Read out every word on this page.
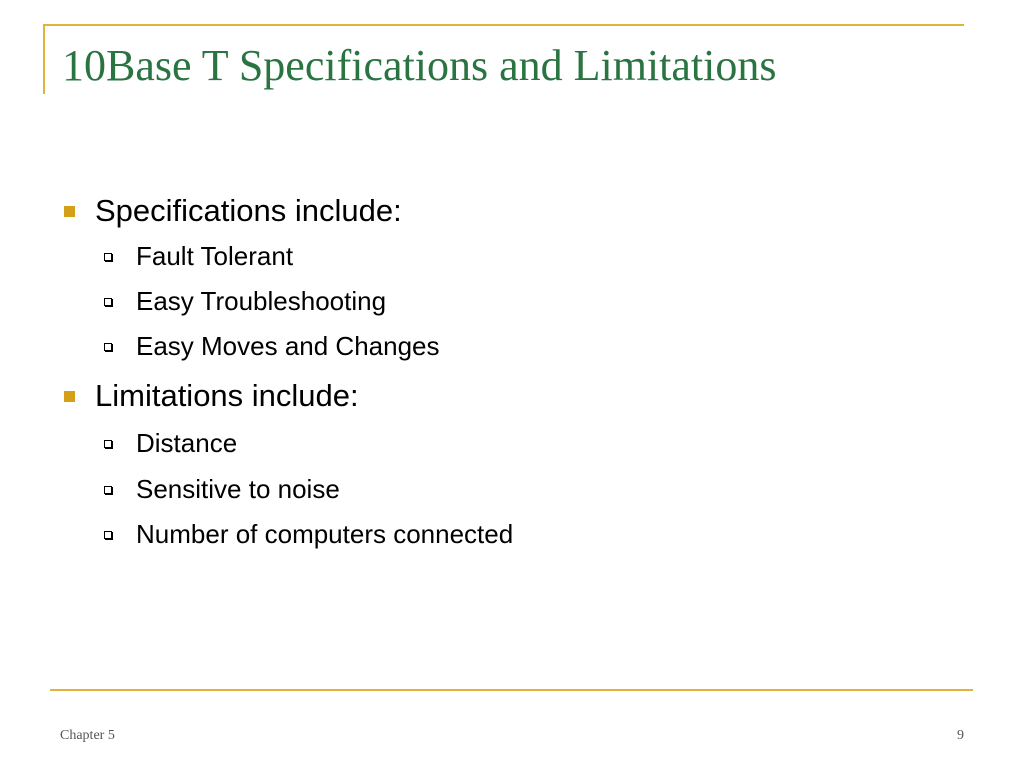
10Base T Specifications and Limitations
Specifications include:
Fault Tolerant
Easy Troubleshooting
Easy Moves and Changes
Limitations include:
Distance
Sensitive to noise
Number of computers connected
Chapter 5	9
